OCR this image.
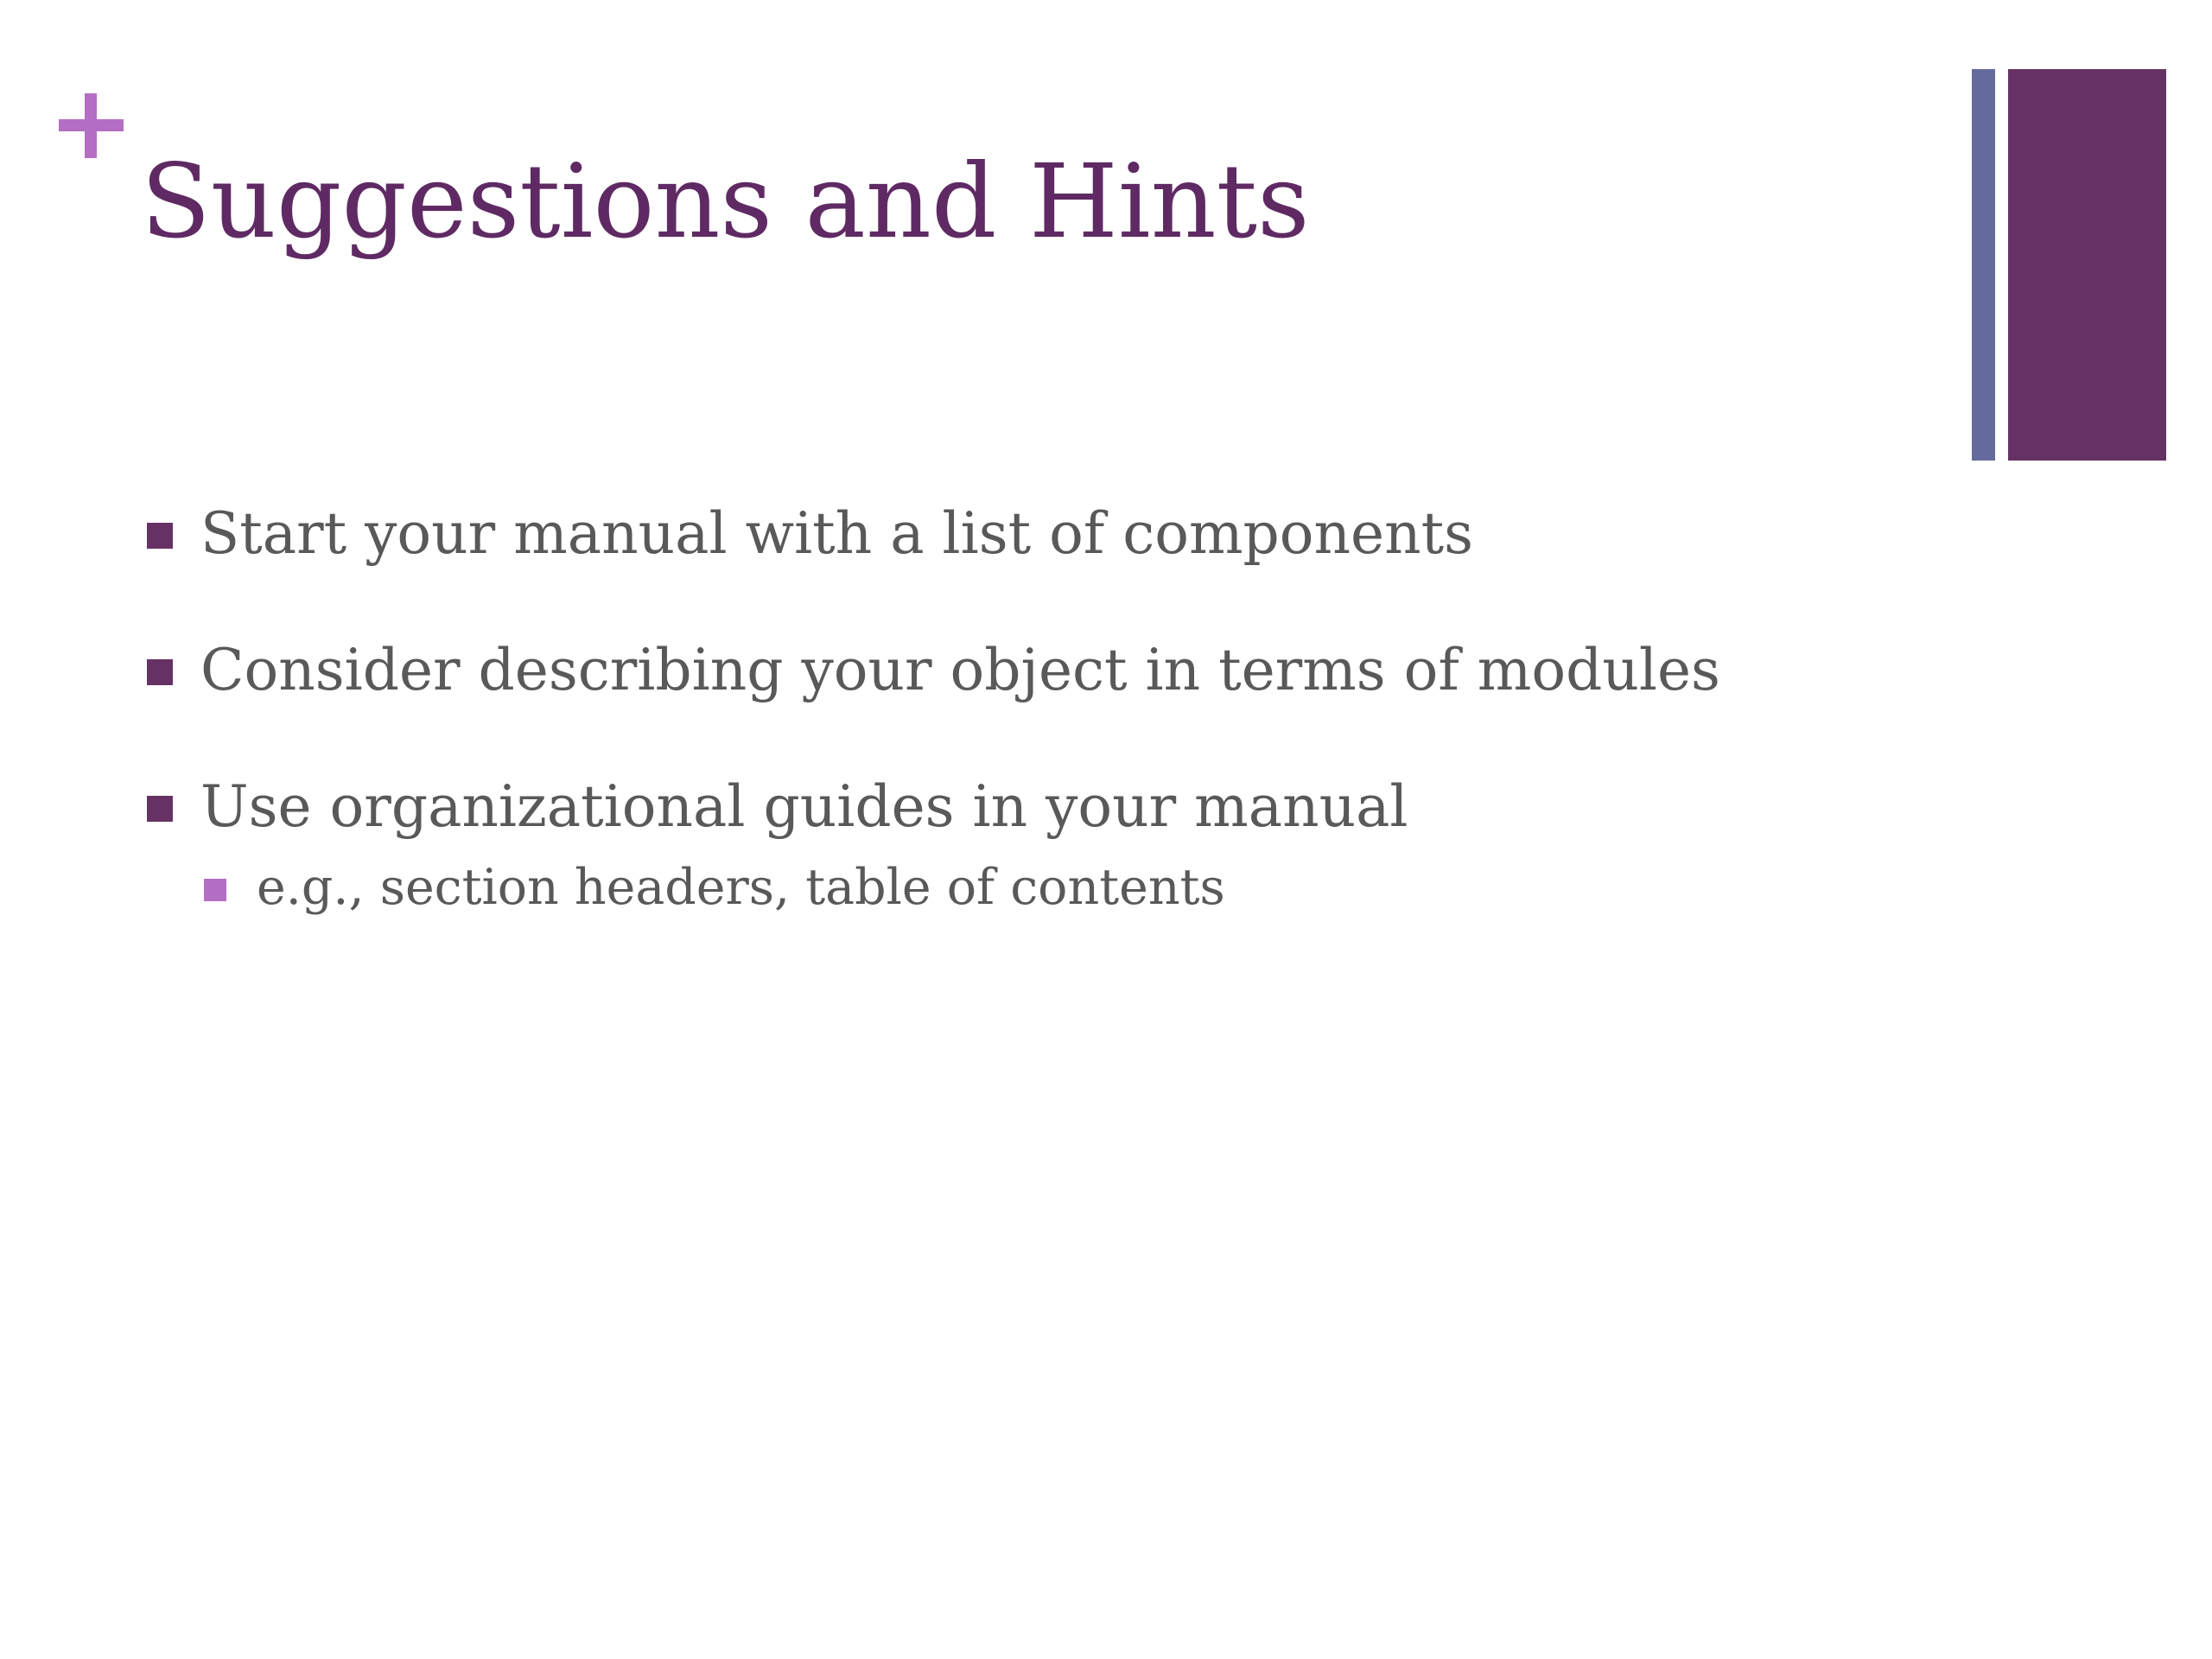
Suggestions and Hints
Start your manual with a list of components
Consider describing your object in terms of modules
Use organizational guides in your manual
e.g., section headers, table of contents
